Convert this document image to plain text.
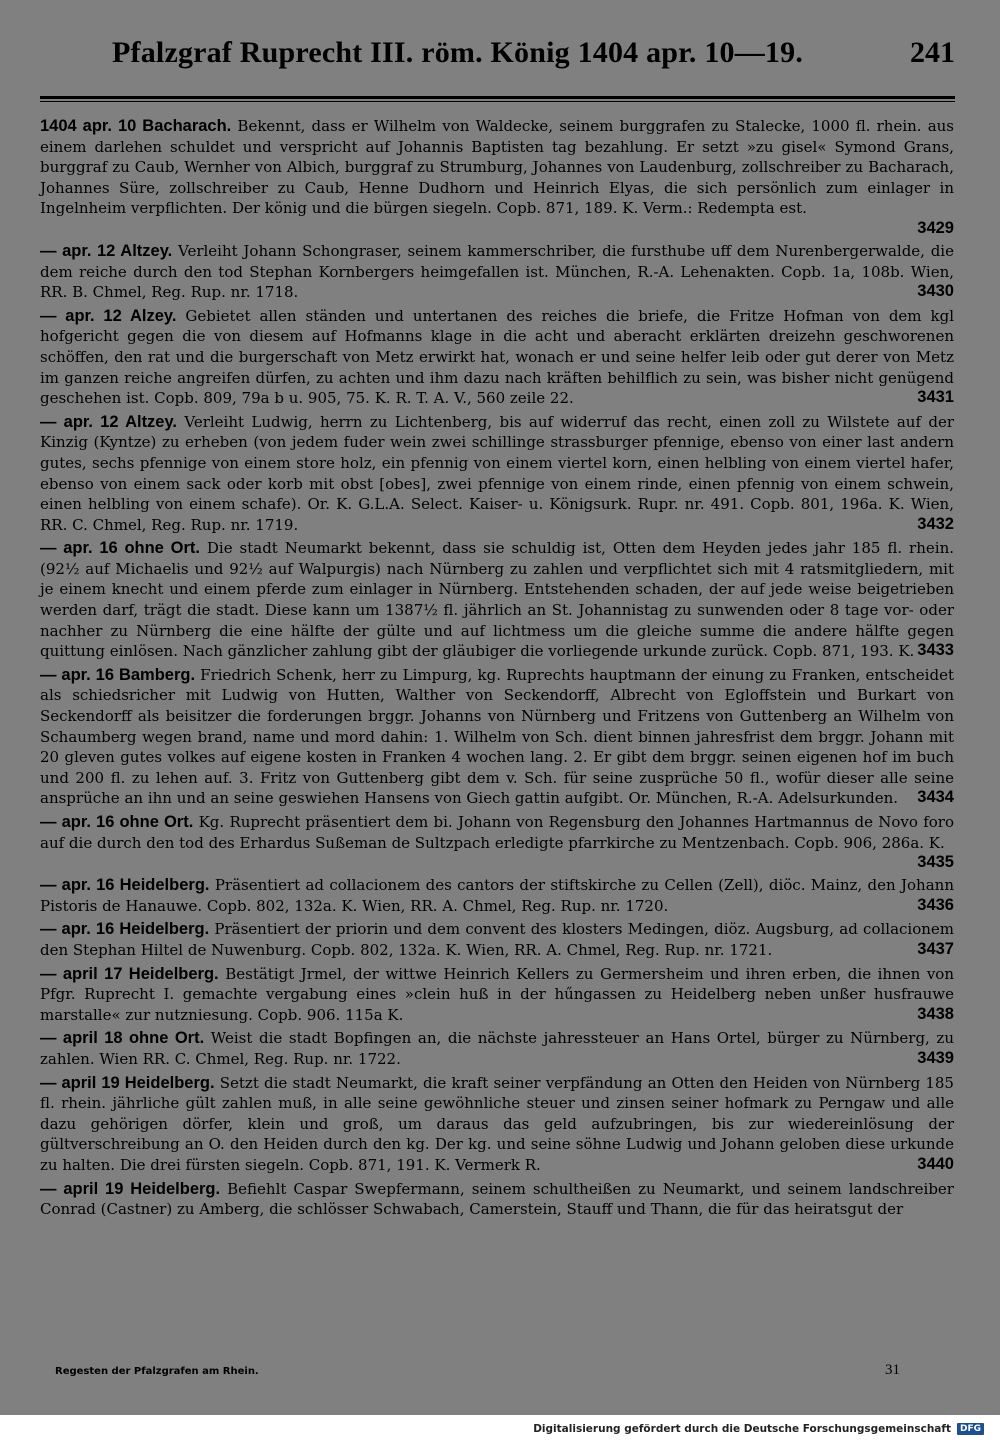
Pfalzgraf Ruprecht III. röm. König 1404 apr. 10—19.	241

1404 apr. 10 Bacharach. Bekennt, dass er Wilhelm von Waldecke, seinem burggrafen zu Stalecke, 1000 fl. rhein. aus einem darlehen schuldet und verspricht auf Johannis Baptisten tag bezahlung. Er setzt »zu gisel« Symond Grans, burggraf zu Caub, Wernher von Albich, burggraf zu Strumburg, Johannes von Laudenburg, zollschreiber zu Bacharach, Johannes Süre, zollschreiber zu Caub, Henne Dudhorn und Heinrich Elyas, die sich persönlich zum einlager in Ingelnheim verpflichten. Der könig und die bürgen siegeln. Copb. 871, 189. K. Verm.: Redempta est.
3429

— apr. 12 Altzey. Verleiht Johann Schongraser, seinem kammerschriber, die fursthube uff dem Nurenbergerwalde, die dem reiche durch den tod Stephan Kornbergers heimgefallen ist. München, R.-A. Lehenakten. Copb. 1a, 108b. Wien, RR. B. Chmel, Reg. Rup. nr. 1718.	3430

— apr. 12 Alzey. Gebietet allen ständen und untertanen des reiches die briefe, die Fritze Hofman von dem kgl hofgericht gegen die von diesem auf Hofmanns klage in die acht und aberacht erklärten dreizehn geschworenen schöffen, den rat und die burgerschaft von Metz erwirkt hat, wonach er und seine helfer leib oder gut derer von Metz im ganzen reiche angreifen dürfen, zu achten und ihm dazu nach kräften behilflich zu sein, was bisher nicht genügend geschehen ist. Copb. 809, 79a b u. 905, 75. K. R. T. A. V., 560 zeile 22.	3431

— apr. 12 Altzey. Verleiht Ludwig, herrn zu Lichtenberg, bis auf widerruf das recht, einen zoll zu Wilstete auf der Kinzig (Kyntze) zu erheben (von jedem fuder wein zwei schillinge strassburger pfennige, ebenso von einer last andern gutes, sechs pfennige von einem store holz, ein pfennig von einem viertel korn, einen helbling von einem viertel hafer, ebenso von einem sack oder korb mit obst [obes], zwei pfennige von einem rinde, einen pfennig von einem schwein, einen helbling von einem schafe). Or. K. G.L.A. Select. Kaiser- u. Königsurk. Rupr. nr. 491. Copb. 801, 196a. K. Wien, RR. C. Chmel, Reg. Rup. nr. 1719.	3432

— apr. 16 ohne Ort. Die stadt Neumarkt bekennt, dass sie schuldig ist, Otten dem Heyden jedes jahr 185 fl. rhein. (92½ auf Michaelis und 92½ auf Walpurgis) nach Nürnberg zu zahlen und verpflichtet sich mit 4 ratsmitgliedern, mit je einem knecht und einem pferde zum einlager in Nürnberg. Entstehenden schaden, der auf jede weise beigetrieben werden darf, trägt die stadt. Diese kann um 1387½ fl. jährlich an St. Johannistag zu sunwenden oder 8 tage vor- oder nachher zu Nürnberg die eine hälfte der gülte und auf lichtmess um die gleiche summe die andere hälfte gegen quittung einlösen. Nach gänzlicher zahlung gibt der gläubiger die vorliegende urkunde zurück. Copb. 871, 193. K. 3433

— apr. 16 Bamberg. Friedrich Schenk, herr zu Limpurg, kg. Ruprechts hauptmann der einung zu Franken, entscheidet als schiedsricher mit Ludwig von Hutten, Walther von Seckendorff, Albrecht von Egloffstein und Burkart von Seckendorff als beisitzer die forderungen brggr. Johanns von Nürnberg und Fritzens von Guttenberg an Wilhelm von Schaumberg wegen brand, name und mord dahin: 1. Wilhelm von Sch. dient binnen jahresfrist dem brggr. Johann mit 20 gleven gutes volkes auf eigene kosten in Franken 4 wochen lang. 2. Er gibt dem brggr. seinen eigenen hof im buch und 200 fl. zu lehen auf. 3. Fritz von Guttenberg gibt dem v. Sch. für seine zusprüche 50 fl., wofür dieser alle seine ansprüche an ihn und an seine geswiehen Hansens von Giech gattin aufgibt. Or. München, R.-A. Adelsurkunden. 3434

— apr. 16 ohne Ort. Kg. Ruprecht präsentiert dem bi. Johann von Regensburg den Johannes Hartmannus de Novo foro auf die durch den tod des Erhardus Sußeman de Sultzpach erledigte pfarrkirche zu Mentzenbach. Copb. 906, 286a. K.
3435

— apr. 16 Heidelberg. Präsentiert ad collacionem des cantors der stiftskirche zu Cellen (Zell), diöc. Mainz, den Johann Pistoris de Hanauwe. Copb. 802, 132a. K. Wien, RR. A. Chmel, Reg. Rup. nr. 1720.	3436

— apr. 16 Heidelberg. Präsentiert der priorin und dem convent des klosters Medingen, diöz. Augsburg, ad collacionem den Stephan Hiltel de Nuwenburg. Copb. 802, 132a. K. Wien, RR. A. Chmel, Reg. Rup. nr. 1721.	3437

— april 17 Heidelberg. Bestätigt Jrmel, der wittwe Heinrich Kellers zu Germersheim und ihren erben, die ihnen von Pfgr. Ruprecht I. gemachte vergabung eines »clein huß in der hűngassen zu Heidelberg neben unßer husfrauwe marstalle« zur nutzniesung. Copb. 906. 115a K.	3438

— april 18 ohne Ort. Weist die stadt Bopfingen an, die nächste jahressteuer an Hans Ortel, bürger zu Nürnberg, zu zahlen. Wien RR. C. Chmel, Reg. Rup. nr. 1722.	3439

— april 19 Heidelberg. Setzt die stadt Neumarkt, die kraft seiner verpfändung an Otten den Heiden von Nürnberg 185 fl. rhein. jährliche gült zahlen muß, in alle seine gewöhnliche steuer und zinsen seiner hofmark zu Perngaw und alle dazu gehörigen dörfer, klein und groß, um daraus das geld aufzubringen, bis zur wiedereinlösung der gültverschreibung an O. den Heiden durch den kg. Der kg. und seine söhne Ludwig und Johann geloben diese urkunde zu halten. Die drei fürsten siegeln. Copb. 871, 191. K. Vermerk R.	3440

— april 19 Heidelberg. Befiehlt Caspar Swepfermann, seinem schultheißen zu Neumarkt, und seinem landschreiber Conrad (Castner) zu Amberg, die schlösser Schwabach, Camerstein, Stauff und Thann, die für das heiratsgut der

Regesten der Pfalzgrafen am Rhein.	31
Digitalisierung gefördert durch die Deutsche Forschungsgemeinschaft	DFG
